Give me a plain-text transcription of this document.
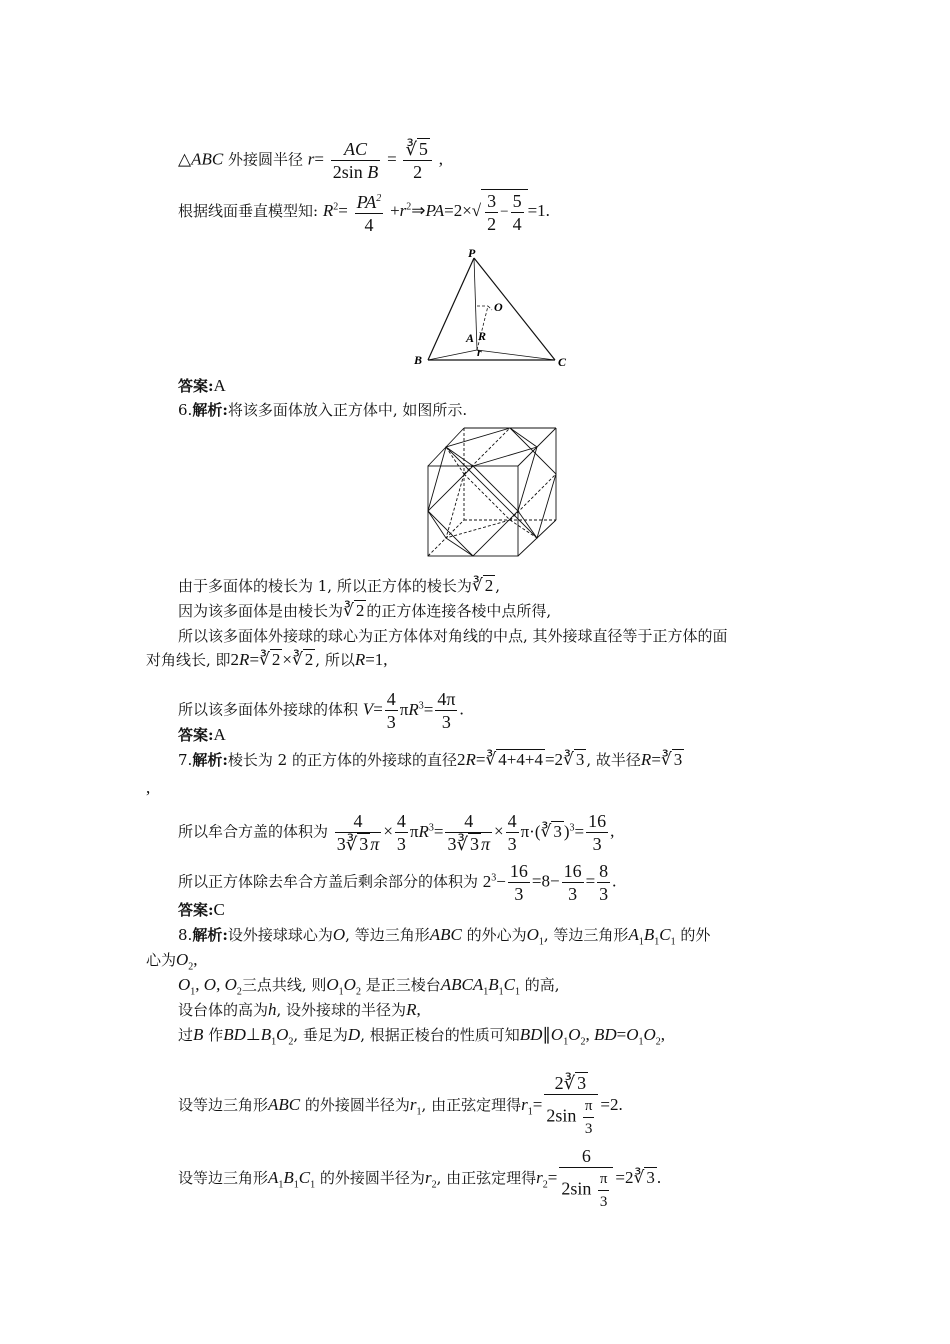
△ABC 外接圆半径 $r= \frac{AC}{\text{2sin B}} = \frac{∛ 5}{2}$ ,
根据线面垂直模型知: $R^2= \frac{PA^2}{4}$ $+r^2\Rightarrow PA=2\times√ \frac{3}{2} - \frac{5}{4} =1$.
P
O
A R
B
r
C
答案:A
6.解析:将该多面体放入正方体中, 如图所示.
由于多面体的棱长为 1, 所以正方体的棱长为∛ 2 ,
因为该多面体是由棱长为∛ 2 的正方体连接各棱中点所得,
所以该多面体外接球的球心为正方体体对角线的中点, 其外接球直径等于正方体的面
对角线长, 即2R=∛ 2 ×∛ 2 , 所以R=1,
所以该多面体外接球的体积 $V= \frac{4}{3} \pi R^3= \frac{4\pi}{3}$ .
答案:A
7.解析:棱长为 2 的正方体的外接球的直径2R=∛ 4+4+4 =2∛ 3 , 故半径R=∛ 3
,
所以牟合方盖的体积为 $\frac{4}{3∛ 3 \pi} \times \frac{4}{3} \pi R^3= \frac{4}{3∛ 3 \pi} \times \frac{4}{3}$ π·(∛ 3 )$^3= \frac{16}{3}$ ,
所以正方体除去牟合方盖后剩余部分的体积为 $2^3- \frac{16}{3} =8- \frac{16}{3} = \frac{8}{3}$ .
答案:C
8.解析:设外接球球心为O, 等边三角形ABC 的外心为$O_1$, 等边三角形$A_1B_1C_1$ 的外
心为$O_2$,
$O_1$, O, $O_2$三点共线, 则$O_1O_2$ 是正三棱台$ABCA_1B_1C_1$ 的高,
设台体的高为h, 设外接球的半径为R,
过B 作$BD\perp B_1O_2$, 垂足为D, 根据正棱台的性质可知$BD\parallel O_1O_2$, $BD=O_1O_2$,
设等边三角形ABC 的外接圆半径为$r_1$, 由正弦定理得$r_1= \frac{2∛ 3}{2\sin \frac{\pi}{3}} =2$.
设等边三角形$A_1B_1C_1$ 的外接圆半径为$r_2$, 由正弦定理得$r_2= \frac{6}{2\sin \frac{\pi}{3}}$ =2∛ 3 .
